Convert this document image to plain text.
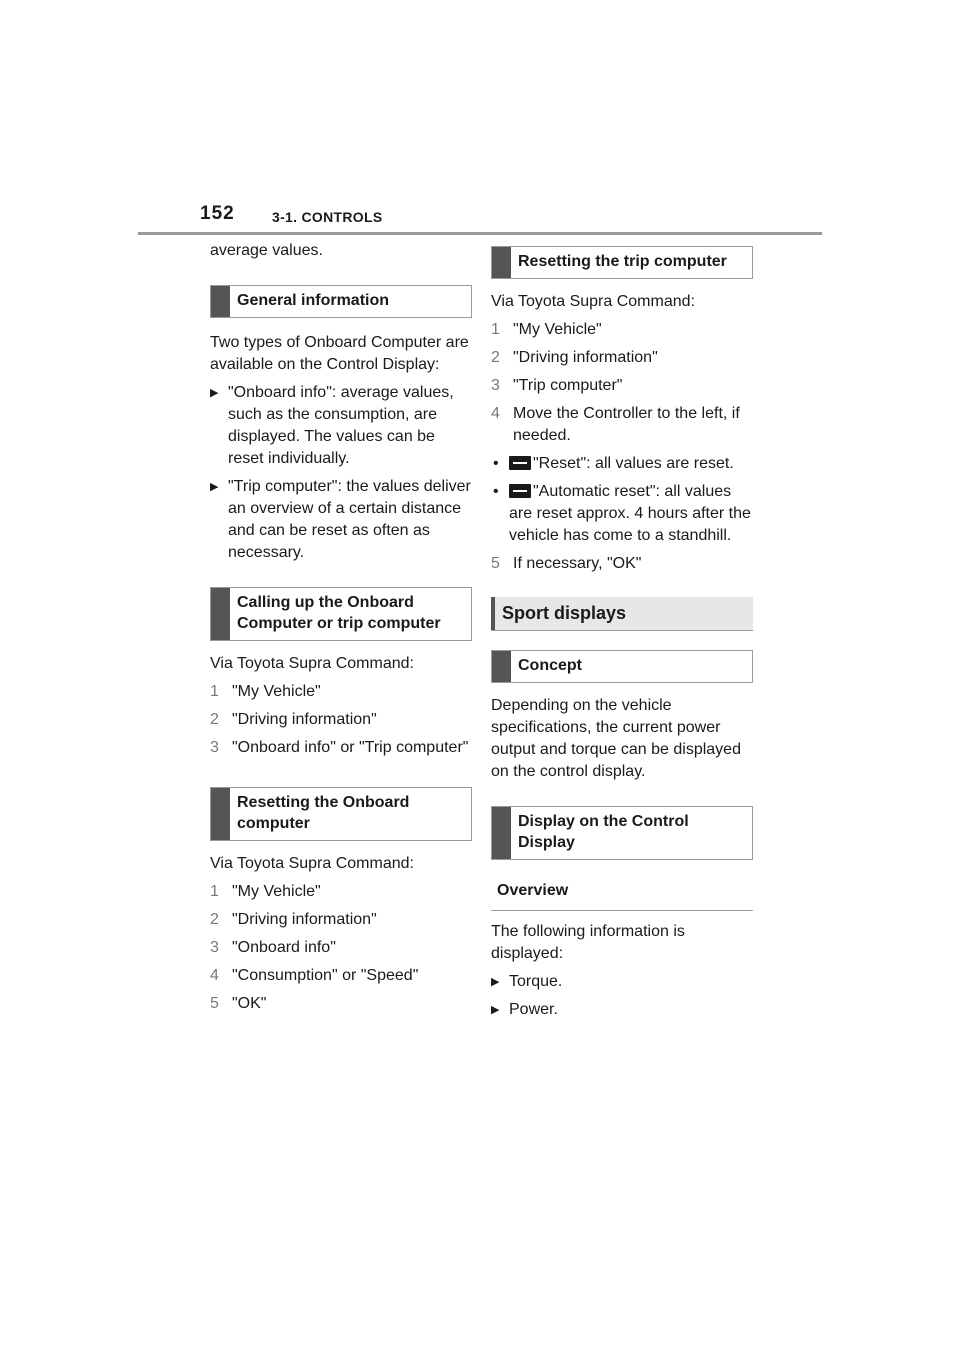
152	3-1. CONTROLS

average values.

General information

Two types of Onboard Computer are available on the Control Display:

▶ "Onboard info": average values, such as the consumption, are displayed. The values can be reset individually.
▶ "Trip computer": the values deliver an overview of a certain distance and can be reset as often as necessary.
Calling up the Onboard Computer or trip computer

Via Toyota Supra Command:

1 "My Vehicle"
2 "Driving information"
3 "Onboard info" or "Trip computer"
Resetting the Onboard computer

Via Toyota Supra Command:

1 "My Vehicle"
2 "Driving information"
3 "Onboard info"
4 "Consumption" or "Speed"
5 "OK"
Resetting the trip computer

Via Toyota Supra Command:

1 "My Vehicle"
2 "Driving information"
3 "Trip computer"
4 Move the Controller to the left, if needed.
• "Reset": all values are reset.
• "Automatic reset": all values are reset approx. 4 hours after the vehicle has come to a standhill.
5 If necessary, "OK"
Sport displays
Concept

Depending on the vehicle specifications, the current power output and torque can be displayed on the control display.

Display on the Control Display
Overview

The following information is displayed:

▶ Torque.
▶ Power.
